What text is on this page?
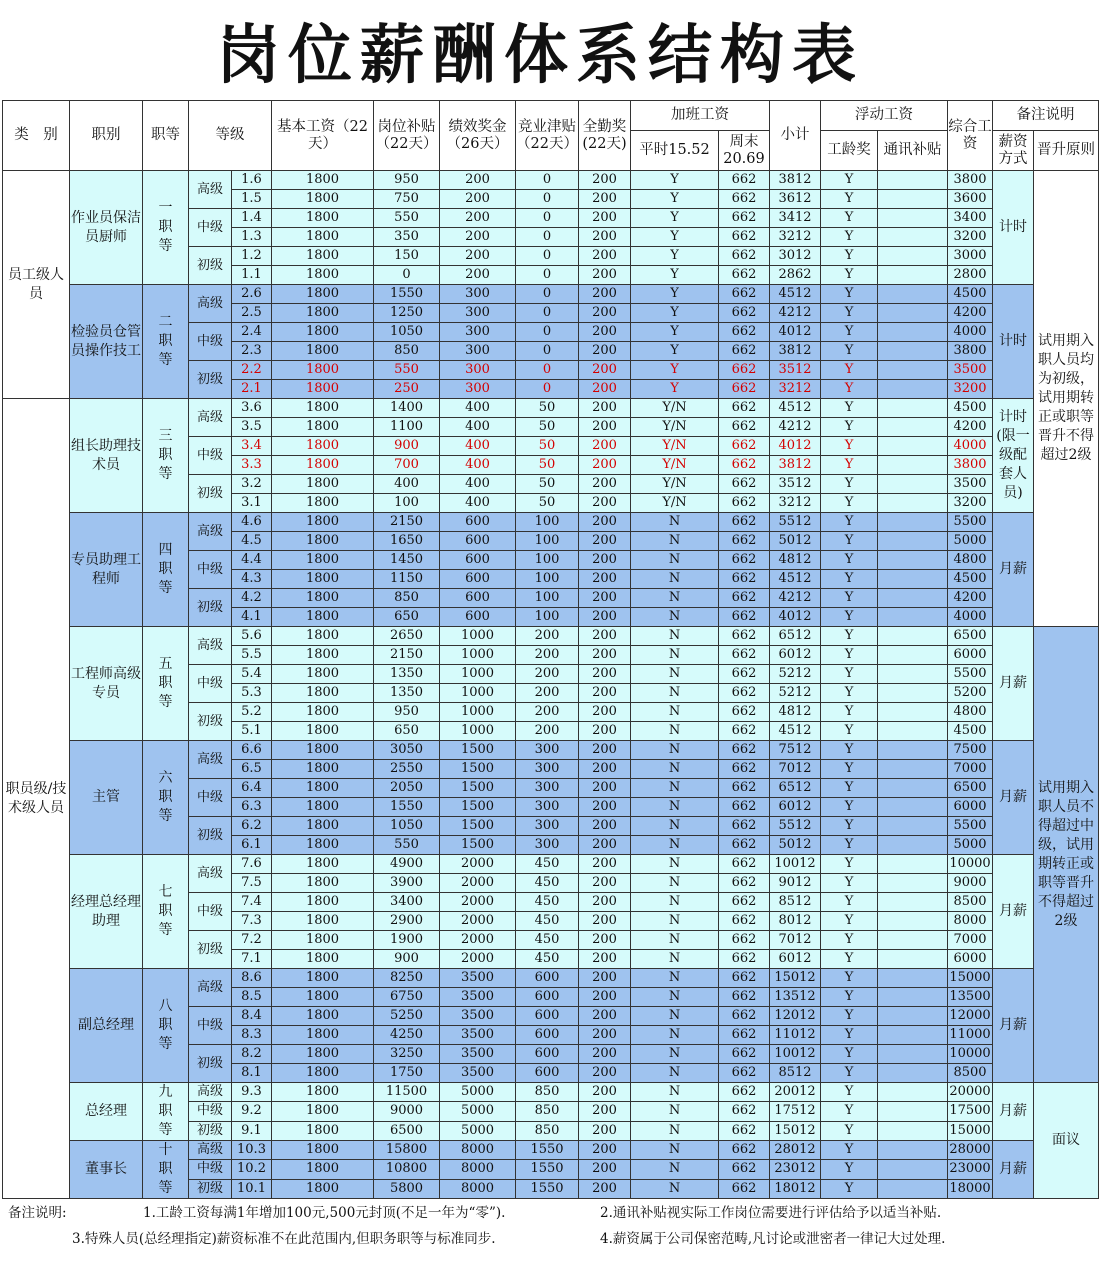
岗位薪酬体系结构表
类　别	职别	职等	等级		基本工资（22天）	岗位补贴（22天）	绩效奖金（26天）	竞业津贴（22天）	全勤奖(22天)	加班工资		小计	浮动工资		综合工资	备注说明	
										平时15.52	周末20.69		工龄奖	通讯补贴		薪资方式	晋升原则
员工级人员	作业员保洁员厨师	一职等	高级	1.6	1800	950	200	0	200	Y	662	3812	Y		3800	计时	试用期入职人员均为初级，试用期转正或职等晋升不得超过2级
				1.5	1800	750	200	0	200	Y	662	3612	Y		3600		
			中级	1.4	1800	550	200	0	200	Y	662	3412	Y		3400		
				1.3	1800	350	200	0	200	Y	662	3212	Y		3200		
			初级	1.2	1800	150	200	0	200	Y	662	3012	Y		3000		
				1.1	1800	0	200	0	200	Y	662	2862	Y		2800		
	检验员仓管员操作技工	二职等	高级	2.6	1800	1550	300	0	200	Y	662	4512	Y		4500	计时	
				2.5	1800	1250	300	0	200	Y	662	4212	Y		4200		
			中级	2.4	1800	1050	300	0	200	Y	662	4012	Y		4000		
				2.3	1800	850	300	0	200	Y	662	3812	Y		3800		
			初级	2.2	1800	550	300	0	200	Y	662	3512	Y		3500		
				2.1	1800	250	300	0	200	Y	662	3212	Y		3200		
职员级/技术级人员	组长助理技术员	三职等	高级	3.6	1800	1400	400	50	200	Y/N	662	4512	Y		4500	计时(限一级配套人员)	
				3.5	1800	1100	400	50	200	Y/N	662	4212	Y		4200		
			中级	3.4	1800	900	400	50	200	Y/N	662	4012	Y		4000		
				3.3	1800	700	400	50	200	Y/N	662	3812	Y		3800		
			初级	3.2	1800	400	400	50	200	Y/N	662	3512	Y		3500		
				3.1	1800	100	400	50	200	Y/N	662	3212	Y		3200		
	专员助理工程师	四职等	高级	4.6	1800	2150	600	100	200	N	662	5512	Y		5500	月薪	
				4.5	1800	1650	600	100	200	N	662	5012	Y		5000		
			中级	4.4	1800	1450	600	100	200	N	662	4812	Y		4800		
				4.3	1800	1150	600	100	200	N	662	4512	Y		4500		
			初级	4.2	1800	850	600	100	200	N	662	4212	Y		4200		
				4.1	1800	650	600	100	200	N	662	4012	Y		4000		
	工程师高级专员	五职等	高级	5.6	1800	2650	1000	200	200	N	662	6512	Y		6500	月薪	试用期入职人员不得超过中级，试用期转正或职等晋升不得超过2级
				5.5	1800	2150	1000	200	200	N	662	6012	Y		6000		
			中级	5.4	1800	1350	1000	200	200	N	662	5212	Y		5500		
				5.3	1800	1350	1000	200	200	N	662	5212	Y		5200		
			初级	5.2	1800	950	1000	200	200	N	662	4812	Y		4800		
				5.1	1800	650	1000	200	200	N	662	4512	Y		4500		
	主管	六职等	高级	6.6	1800	3050	1500	300	200	N	662	7512	Y		7500	月薪	
				6.5	1800	2550	1500	300	200	N	662	7012	Y		7000		
			中级	6.4	1800	2050	1500	300	200	N	662	6512	Y		6500		
				6.3	1800	1550	1500	300	200	N	662	6012	Y		6000		
			初级	6.2	1800	1050	1500	300	200	N	662	5512	Y		5500		
				6.1	1800	550	1500	300	200	N	662	5012	Y		5000		
	经理总经理助理	七职等	高级	7.6	1800	4900	2000	450	200	N	662	10012	Y		10000	月薪	
				7.5	1800	3900	2000	450	200	N	662	9012	Y		9000		
			中级	7.4	1800	3400	2000	450	200	N	662	8512	Y		8500		
				7.3	1800	2900	2000	450	200	N	662	8012	Y		8000		
			初级	7.2	1800	1900	2000	450	200	N	662	7012	Y		7000		
				7.1	1800	900	2000	450	200	N	662	6012	Y		6000		
	副总经理	八职等	高级	8.6	1800	8250	3500	600	200	N	662	15012	Y		15000	月薪	
				8.5	1800	6750	3500	600	200	N	662	13512	Y		13500		
			中级	8.4	1800	5250	3500	600	200	N	662	12012	Y		12000		
				8.3	1800	4250	3500	600	200	N	662	11012	Y		11000		
			初级	8.2	1800	3250	3500	600	200	N	662	10012	Y		10000		
				8.1	1800	1750	3500	600	200	N	662	8512	Y		8500		
	总经理	九职等	高级	9.3	1800	11500	5000	850	200	N	662	20012	Y		20000	月薪	面议
			中级	9.2	1800	9000	5000	850	200	N	662	17512	Y		17500		
			初级	9.1	1800	6500	5000	850	200	N	662	15012	Y		15000		
	董事长	十职等	高级	10.3	1800	15800	8000	1550	200	N	662	28012	Y		28000	月薪	
			中级	10.2	1800	10800	8000	1550	200	N	662	23012	Y		23000		
			初级	10.1	1800	5800	8000	1550	200	N	662	18012	Y		18000		
备注说明:	1.工龄工资每满1年增加100元,500元封顶(不足一年为“零”).	2.通讯补贴视实际工作岗位需要进行评估给予以适当补贴.
3.特殊人员(总经理指定)薪资标准不在此范围内,但职务职等与标准同步.	4.薪资属于公司保密范畴,凡讨论或泄密者一律记大过处理.
